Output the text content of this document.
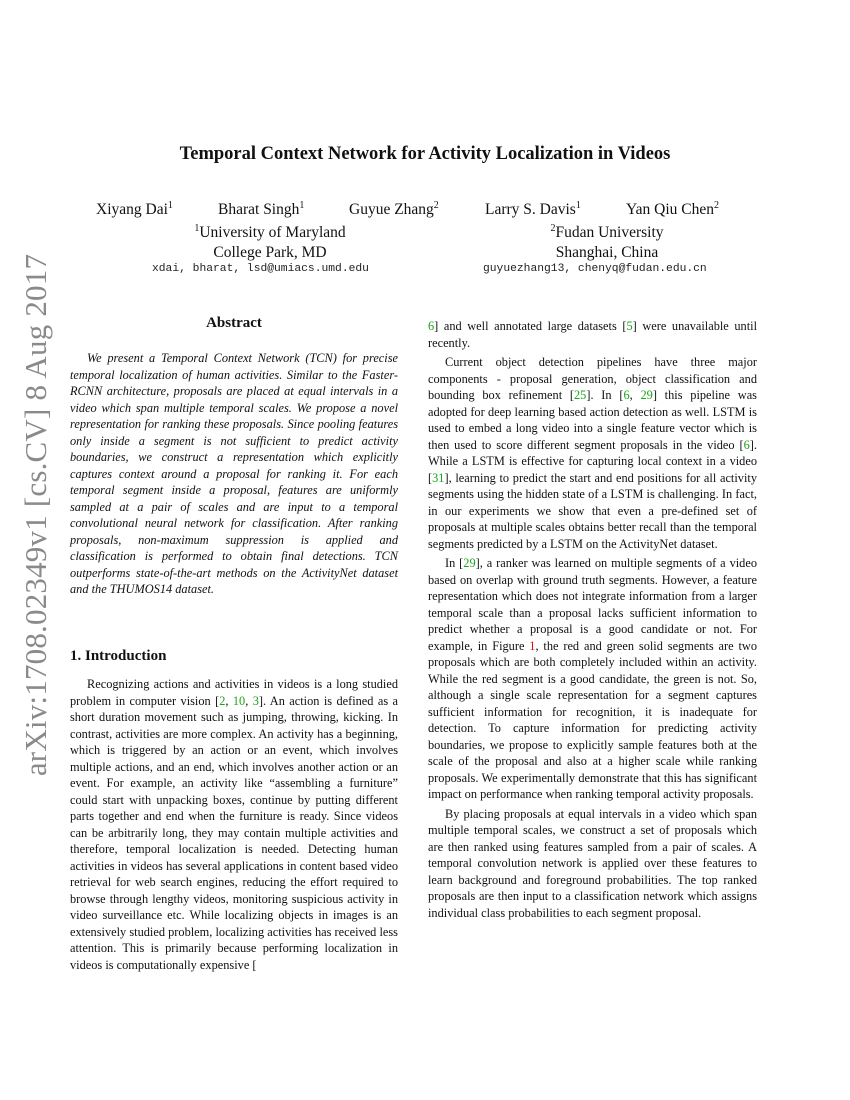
arXiv:1708.02349v1 [cs.CV] 8 Aug 2017
Temporal Context Network for Activity Localization in Videos
Xiyang Dai$^1$	Bharat Singh$^1$	Guyue Zhang$^2$	Larry S. Davis$^1$	Yan Qiu Chen$^2$
$^1$University of Maryland
College Park, MD
xdai, bharat, lsd@umiacs.umd.edu
$^2$Fudan University
Shanghai, China
guyuezhang13, chenyq@fudan.edu.cn
Abstract

We present a Temporal Context Network (TCN) for precise temporal localization of human activities. Similar to the Faster-RCNN architecture, proposals are placed at equal intervals in a video which span multiple temporal scales. We propose a novel representation for ranking these proposals. Since pooling features only inside a segment is not sufficient to predict activity boundaries, we construct a representation which explicitly captures context around a proposal for ranking it. For each temporal segment inside a proposal, features are uniformly sampled at a pair of scales and are input to a temporal convolutional neural network for classification. After ranking proposals, non-maximum suppression is applied and classification is performed to obtain final detections. TCN outperforms state-of-the-art methods on the ActivityNet dataset and the THUMOS14 dataset.

1. Introduction

Recognizing actions and activities in videos is a long studied problem in computer vision [2, 10, 3]. An action is defined as a short duration movement such as jumping, throwing, kicking. In contrast, activities are more complex. An activity has a beginning, which is triggered by an action or an event, which involves multiple actions, and an end, which involves another action or an event. For example, an activity like “assembling a furniture” could start with unpacking boxes, continue by putting different parts together and end when the furniture is ready. Since videos can be arbitrarily long, they may contain multiple activities and therefore, temporal localization is needed. Detecting human activities in videos has several applications in content based video retrieval for web search engines, reducing the effort required to browse through lengthy videos, monitoring suspicious activity in video surveillance etc. While localizing objects in images is an extensively studied problem, localizing activities has received less attention. This is primarily because performing localization in videos is computationally expensive [

6] and well annotated large datasets [5] were unavailable until recently.

Current object detection pipelines have three major components - proposal generation, object classification and bounding box refinement [25]. In [6, 29] this pipeline was adopted for deep learning based action detection as well. LSTM is used to embed a long video into a single feature vector which is then used to score different segment proposals in the video [6]. While a LSTM is effective for capturing local context in a video [31], learning to predict the start and end positions for all activity segments using the hidden state of a LSTM is challenging. In fact, in our experiments we show that even a pre-defined set of proposals at multiple scales obtains better recall than the temporal segments predicted by a LSTM on the ActivityNet dataset.

In [29], a ranker was learned on multiple segments of a video based on overlap with ground truth segments. However, a feature representation which does not integrate information from a larger temporal scale than a proposal lacks sufficient information to predict whether a proposal is a good candidate or not. For example, in Figure 1, the red and green solid segments are two proposals which are both completely included within an activity. While the red segment is a good candidate, the green is not. So, although a single scale representation for a segment captures sufficient information for recognition, it is inadequate for detection. To capture information for predicting activity boundaries, we propose to explicitly sample features both at the scale of the proposal and also at a higher scale while ranking proposals. We experimentally demonstrate that this has significant impact on performance when ranking temporal activity proposals.

By placing proposals at equal intervals in a video which span multiple temporal scales, we construct a set of proposals which are then ranked using features sampled from a pair of scales. A temporal convolution network is applied over these features to learn background and foreground probabilities. The top ranked proposals are then input to a classification network which assigns individual class probabilities to each segment proposal.
